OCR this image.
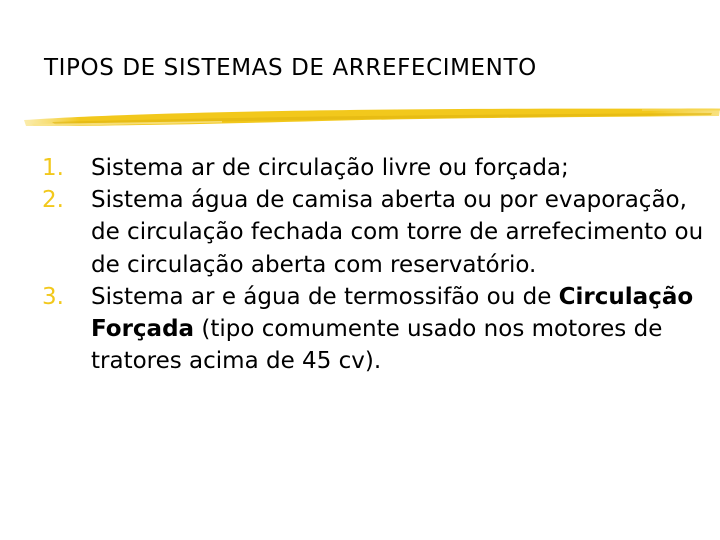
TIPOS DE SISTEMAS DE ARREFECIMENTO
1.	Sistema ar de circulação livre ou forçada;
2.	Sistema água de camisa aberta ou por evaporação, de circulação fechada com torre de arrefecimento ou de circulação aberta com reservatório.
3.	Sistema ar e água de termossifão ou de Circulação Forçada (tipo comumente usado nos motores de tratores acima de 45 cv).
